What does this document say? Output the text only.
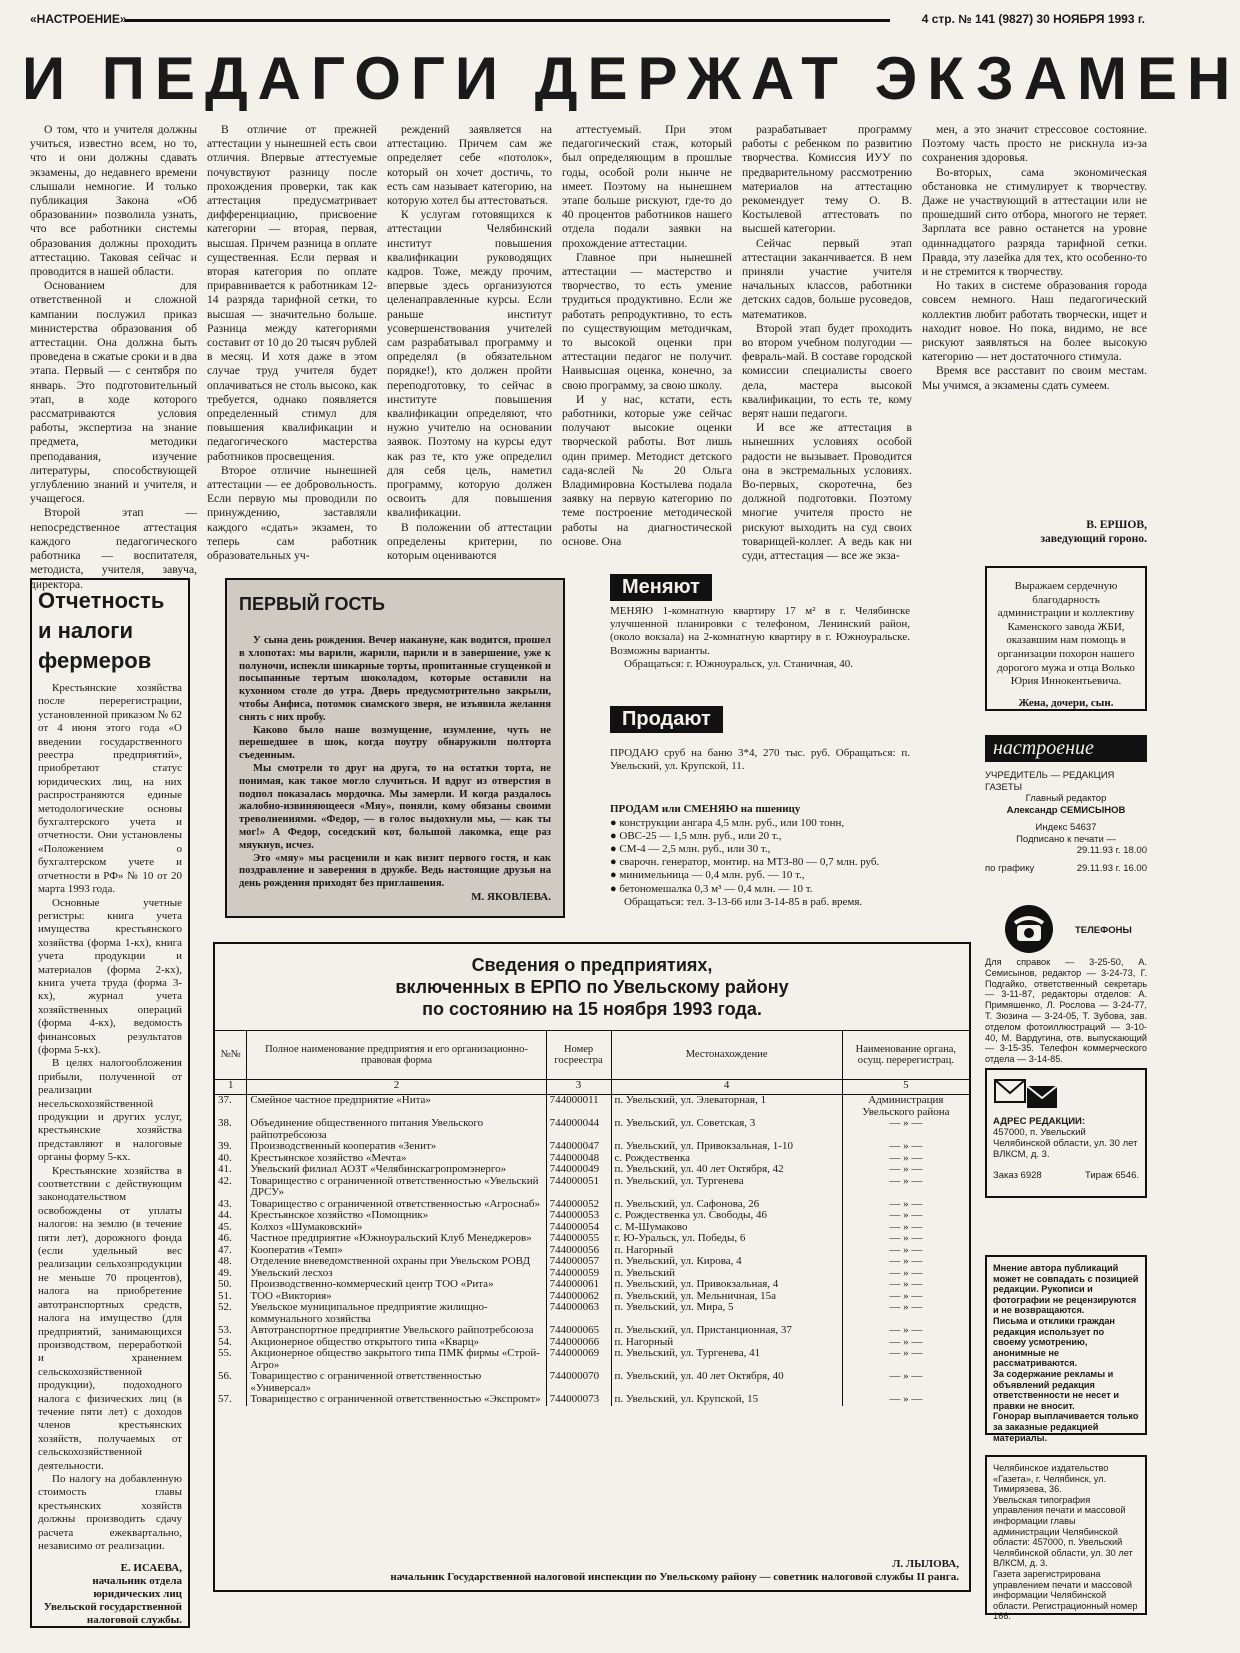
«НАСТРОЕНИЕ»	4 стр. № 141 (9827) 30 НОЯБРЯ 1993 г.
И ПЕДАГОГИ ДЕРЖАТ ЭКЗАМЕН

О том, что и учителя должны учиться, известно всем, но то, что и они должны сдавать экзамены, до недавнего времени слышали немногие. И только публикация Закона «Об образовании» позволила узнать, что все работники системы образования должны проходить аттестацию. Таковая сейчас и проводится в нашей области.

Основанием для ответственной и сложной кампании послужил приказ министерства образования об аттестации. Она должна быть проведена в сжатые сроки и в два этапа. Первый — с сентября по январь. Это подготовительный этап, в ходе которого рассматриваются условия работы, экспертиза на знание предмета, методики преподавания, изучение литературы, способствующей углублению знаний и учителя, и учащегося.

Второй этап — непосредственное аттестация каждого педагогического работника — воспитателя, методиста, учителя, завуча, директора.

В отличие от прежней аттестации у нынешней есть свои отличия. Впервые аттестуемые почувствуют разницу после прохождения проверки, так как аттестация предусматривает дифференциацию, присвоение категории — вторая, первая, высшая. Причем разница в оплате существенная. Если первая и вторая категория по оплате приравнивается к работникам 12-14 разряда тарифной сетки, то высшая — значительно больше. Разница между категориями составит от 10 до 20 тысяч рублей в месяц. И хотя даже в этом случае труд учителя будет оплачиваться не столь высоко, как требуется, однако появляется определенный стимул для повышения квалификации и педагогического мастерства работников просвещения.

Второе отличие нынешней аттестации — ее добровольность. Если первую мы проводили по принуждению, заставляли каждого «сдать» экзамен, то теперь сам работник образовательных уч-

реждений заявляется на аттестацию. Причем сам же определяет себе «потолок», который он хочет достичь, то есть сам называет категорию, на которую хотел бы аттестоваться.

К услугам готовящихся к аттестации Челябинский институт повышения квалификации руководящих кадров. Тоже, между прочим, впервые здесь организуются целенаправленные курсы. Если раньше институт усовершенствования учителей сам разрабатывал программу и определял (в обязательном порядке!), кто должен пройти переподготовку, то сейчас в институте повышения квалификации определяют, что нужно учителю на основании заявок. Поэтому на курсы едут как раз те, кто уже определил для себя цель, наметил программу, которую должен освоить для повышения квалификации.

В положении об аттестации определены критерии, по которым оцениваются

аттестуемый. При этом педагогический стаж, который был определяющим в прошлые годы, особой роли нынче не имеет. Поэтому на нынешнем этапе больше рискуют, где-то до 40 процентов работников нашего отдела подали заявки на прохождение аттестации.

Главное при нынешней аттестации — мастерство и творчество, то есть умение трудиться продуктивно. Если же работать репродуктивно, то есть по существующим методичкам, то высокой оценки при аттестации педагог не получит. Наивысшая оценка, конечно, за свою программу, за свою школу.

И у нас, кстати, есть работники, которые уже сейчас получают высокие оценки творческой работы. Вот лишь один пример. Методист детского сада-яслей № 20 Ольга Владимировна Костылева подала заявку на первую категорию по теме построение методической работы на диагностической основе. Она

разрабатывает программу работы с ребенком по развитию творчества. Комиссия ИУУ по предварительному рассмотрению материалов на аттестацию рекомендует тему О. В. Костылевой аттестовать по высшей категории.

Сейчас первый этап аттестации заканчивается. В нем приняли участие учителя начальных классов, работники детских садов, больше русоведов, математиков.

Второй этап будет проходить во втором учебном полугодии — февраль-май. В составе городской комиссии специалисты своего дела, мастера высокой квалификации, то есть те, кому верят наши педагоги.

И все же аттестация в нынешних условиях особой радости не вызывает. Проводится она в экстремальных условиях. Во-первых, скоротечна, без должной подготовки. Поэтому многие учителя просто не рискуют выходить на суд своих товарищей-коллег. А ведь как ни суди, аттестация — все же экза-

мен, а это значит стрессовое состояние. Поэтому часть просто не рискнула из-за сохранения здоровья.

Во-вторых, сама экономическая обстановка не стимулирует к творчеству. Даже не участвующий в аттестации или не прошедший сито отбора, многого не теряет. Зарплата все равно останется на уровне одиннадцатого разряда тарифной сетки. Правда, эту лазейка для тех, кто особенно-то и не стремится к творчеству.

Но таких в системе образования города совсем немного. Наш педагогический коллектив любит работать творчески, ищет и находит новое. Но пока, видимо, не все рискуют заявляться на более высокую категорию — нет достаточного стимула.

Время все расставит по своим местам. Мы учимся, а экзамены сдать сумеем.

В. ЕРШОВ,
заведующий гороно.
Отчетность и налоги фермеров

Крестьянские хозяйства после перерегистрации, установленной приказом № 62 от 4 июня этого года «О введении государственного реестра предприятий», приобретают статус юридических лиц, на них распространяются единые методологические основы бухгалтерского учета и отчетности. Они установлены «Положением о бухгалтерском учете и отчетности в РФ» № 10 от 20 марта 1993 года.

Основные учетные регистры: книга учета имущества крестьянского хозяйства (форма 1-кх), книга учета продукции и материалов (форма 2-кх), книга учета труда (форма 3-кх), журнал учета хозяйственных операций (форма 4-кх), ведомость финансовых результатов (форма 5-кх).

В целях налогообложения прибыли, полученной от реализации несельскохозяйственной продукции и других услуг, крестьянские хозяйства представляют в налоговые органы форму 5-кх.

Крестьянские хозяйства в соответствии с действующим законодательством освобождены от уплаты налогов: на землю (в течение пяти лет), дорожного фонда (если удельный вес реализации сельхозпродукции не меньше 70 процентов), налога на приобретение автотранспортных средств, налога на имущество (для предприятий, занимающихся производством, переработкой и хранением сельскохозяйственной продукции), подоходного налога с физических лиц (в течение пяти лет) с доходов членов крестьянских хозяйств, получаемых от сельскохозяйственной деятельности.

По налогу на добавленную стоимость главы крестьянских хозяйств должны производить сдачу расчета ежеквартально, независимо от реализации.

Е. ИСАЕВА,
начальник отдела юридических лиц Увельской государственной налоговой службы.
ПЕРВЫЙ ГОСТЬ

У сына день рождения. Вечер накануне, как водится, прошел в хлопотах: мы варили, жарили, парили и в завершение, уже к полуночи, испекли шикарные торты, пропитанные сгущенкой и посыпанные тертым шоколадом, которые оставили на кухонном столе до утра. Дверь предусмотрительно закрыли, чтобы Анфиса, потомок сиамского зверя, не изъявила желания снять с них пробу.

Каково было наше возмущение, изумление, чуть не перешедшее в шок, когда поутру обнаружили полторта съеденным.

Мы смотрели то друг на друга, то на остатки торта, не понимая, как такое могло случиться. И вдруг из отверстия в подпол показалась мордочка. Мы замерли. И когда раздалось жалобно-извиняющееся «Мяу», поняли, кому обязаны своими треволнениями. «Федор, — в голос выдохнули мы, — как ты мог!» А Федор, соседский кот, большой лакомка, еще раз мяукнув, исчез.

Это «мяу» мы расценили и как визит первого гостя, и как поздравление и заверения в дружбе. Ведь настоящие друзья на день рождения приходят без приглашения.

М. ЯКОВЛЕВА.
Меняют
МЕНЯЮ 1-комнатную квартиру 17 м² в г. Челябинске улучшенной планировки с телефоном, Ленинский район, (около вокзала) на 2-комнатную квартиру в г. Южноуральске. Возможны варианты.
Обращаться: г. Южноуральск, ул. Станичная, 40.
Продают
ПРОДАЮ сруб на баню 3*4, 270 тыс. руб. Обращаться: п. Увельский, ул. Крупской, 11.
ПРОДАМ или СМЕНЯЮ на пшеницу
● конструкции ангара 4,5 млн. руб., или 100 тонн,
● ОВС-25 — 1,5 млн. руб., или 20 т.,
● СМ-4 — 2,5 млн. руб., или 30 т.,
● сварочн. генератор, монтир. на МТЗ-80 — 0,7 млн. руб.
● минимельница — 0,4 млн. руб. — 10 т.,
● бетономешалка 0,3 м³ — 0,4 млн. — 10 т.
Обращаться: тел. 3-13-66 или 3-14-85 в раб. время.
Выражаем сердечную благодарность администрации и коллективу Каменского завода ЖБИ, оказавшим нам помощь в организации похорон нашего дорогого мужа и отца Волько Юрия Иннокентьевича.
Жена, дочери, сын.
настроение
УЧРЕДИТЕЛЬ — РЕДАКЦИЯ ГАЗЕТЫ
Главный редактор
Александр СЕМИСЫНОВ
Индекс 54637
Подписано к печати —
29.11.93 г. 18.00
по графику	29.11.93 г. 16.00
ТЕЛЕФОНЫ
Для справок — 3-25-50, А. Семисынов, редактор — 3-24-73, Г. Подгайко, ответственный секретарь — 3-11-87, редакторы отделов: А. Примяшенко, Л. Рослова — 3-24-77, Т. Зюзина — 3-24-05, Т. Зубова, зав. отделом фотоиллюстраций — 3-10-40, М. Вардугина, отв. выпускающий — 3-15-35. Телефон коммерческого отдела — 3-14-85.
АДРЕС РЕДАКЦИИ:
457000, п. Увельский Челябинской области, ул. 30 лет ВЛКСМ, д. 3.
Заказ 6928	Тираж 6546.
Мнение автора публикаций может не совпадать с позицией редакции. Рукописи и фотографии не рецензируются и не возвращаются.
Письма и отклики граждан редакция использует по своему усмотрению, анонимные не рассматриваются.
За содержание рекламы и объявлений редакция ответственности не несет и правки не вносит.
Гонорар выплачивается только за заказные редакцией материалы.
Челябинское издательство «Газета», г. Челябинск, ул. Тимирязева, 36.
Увельская типография управления печати и массовой информации главы администрации Челябинской области: 457000, п. Увельский Челябинской области, ул. 30 лет ВЛКСМ, д. 3.
Газета зарегистрирована управлением печати и массовой информации Челябинской области. Регистрационный номер 166.
Сведения о предприятиях,
включенных в ЕРПО по Увельскому району
по состоянию на 15 ноября 1993 года.
№№	Полное наименование предприятия и его организационно-правовая форма	Номер госреестра	Местонахождение	Наименование органа, осущ. перерегистрац.
1	2	3	4	5
37.	Смейное частное предприятие «Нита»	744000011	п. Увельский, ул. Элеваторная, 1	Администрация Увельского района
38.	Объединение общественного питания Увельского райпотребсоюза	744000044	п. Увельский, ул. Советская, 3	— » —
39.	Производственный кооператив «Зенит»	744000047	п. Увельский, ул. Привокзальная, 1-10	— » —
40.	Крестьянское хозяйство «Мечта»	744000048	с. Рождественка	— » —
41.	Увельский филиал АОЗТ «Челябинскагропромэнерго»	744000049	п. Увельский, ул. 40 лет Октября, 42	— » —
42.	Товарищество с ограниченной ответственностью «Увельский ДРСУ»	744000051	п. Увельский, ул. Тургенева	— » —
43.	Товарищество с ограниченной ответственностью «Агроснаб»	744000052	п. Увельский, ул. Сафонова, 26	— » —
44.	Крестьянское хозяйство «Помощник»	744000053	с. Рождественка ул. Свободы, 46	— » —
45.	Колхоз «Шумаковский»	744000054	с. М-Шумаково	— » —
46.	Частное предприятие «Южноуральский Клуб Менеджеров»	744000055	г. Ю-Уральск, ул. Победы, 6	— » —
47.	Кооператив «Темп»	744000056	п. Нагорный	— » —
48.	Отделение вневедомственной охраны при Увельском РОВД	744000057	п. Увельский, ул. Кирова, 4	— » —
49.	Увельский лесхоз	744000059	п. Увельский	— » —
50.	Производственно-коммерческий центр ТОО «Рита»	744000061	п. Увельский, ул. Привокзальная, 4	— » —
51.	ТОО «Виктория»	744000062	п. Увельский, ул. Мельничная, 15а	— » —
52.	Увельское муниципальное предприятие жилищно-коммунального хозяйства	744000063	п. Увельский, ул. Мира, 5	— » —
53.	Автотранспортное предприятие Увельского райпотребсоюза	744000065	п. Увельский, ул. Пристанционная, 37	— » —
54.	Акционерное общество открытого типа «Кварц»	744000066	п. Нагорный	— » —
55.	Акционерное общество закрытого типа ПМК фирмы «Строй-Агро»	744000069	п. Увельский, ул. Тургенева, 41	— » —
56.	Товарищество с ограниченной ответственностью «Универсал»	744000070	п. Увельский, ул. 40 лет Октября, 40	— » —
57.	Товарищество с ограниченной ответственностью «Экспромт»	744000073	п. Увельский, ул. Крупской, 15	— » —
Л. ЛЫЛОВА,
начальник Государственной налоговой инспекции по Увельскому району — советник налоговой службы II ранга.
